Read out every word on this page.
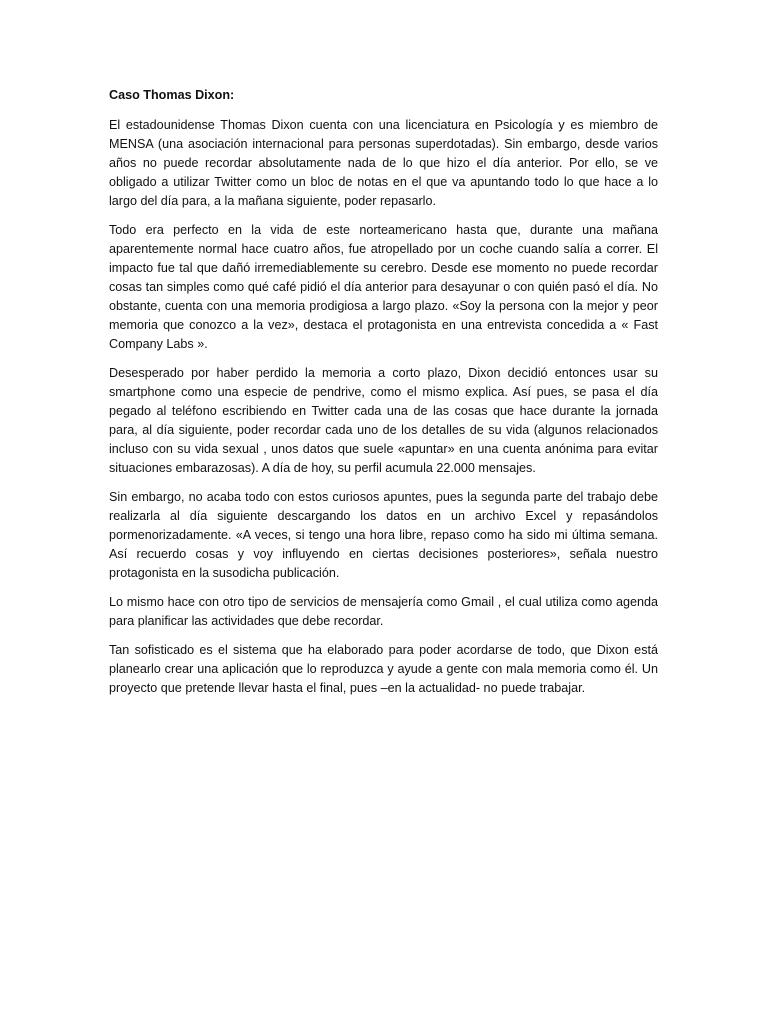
Caso Thomas Dixon:

El estadounidense Thomas Dixon cuenta con una licenciatura en Psicología y es miembro de MENSA (una asociación internacional para personas superdotadas). Sin embargo, desde varios años no puede recordar absolutamente nada de lo que hizo el día anterior. Por ello, se ve obligado a utilizar Twitter como un bloc de notas en el que va apuntando todo lo que hace a lo largo del día para, a la mañana siguiente, poder repasarlo.

Todo era perfecto en la vida de este norteamericano hasta que, durante una mañana aparentemente normal hace cuatro años, fue atropellado por un coche cuando salía a correr. El impacto fue tal que dañó irremediablemente su cerebro. Desde ese momento no puede recordar cosas tan simples como qué café pidió el día anterior para desayunar o con quién pasó el día. No obstante, cuenta con una memoria prodigiosa a largo plazo. «Soy la persona con la mejor y peor memoria que conozco a la vez», destaca el protagonista en una entrevista concedida a « Fast Company Labs ».

Desesperado por haber perdido la memoria a corto plazo, Dixon decidió entonces usar su smartphone como una especie de pendrive, como el mismo explica. Así pues, se pasa el día pegado al teléfono escribiendo en Twitter cada una de las cosas que hace durante la jornada para, al día siguiente, poder recordar cada uno de los detalles de su vida (algunos relacionados incluso con su vida sexual , unos datos que suele «apuntar» en una cuenta anónima para evitar situaciones embarazosas). A día de hoy, su perfil acumula 22.000 mensajes.

Sin embargo, no acaba todo con estos curiosos apuntes, pues la segunda parte del trabajo debe realizarla al día siguiente descargando los datos en un archivo Excel y repasándolos pormenorizadamente. «A veces, si tengo una hora libre, repaso como ha sido mi última semana. Así recuerdo cosas y voy influyendo en ciertas decisiones posteriores», señala nuestro protagonista en la susodicha publicación.

Lo mismo hace con otro tipo de servicios de mensajería como Gmail , el cual utiliza como agenda para planificar las actividades que debe recordar.

Tan sofisticado es el sistema que ha elaborado para poder acordarse de todo, que Dixon está planearlo crear una aplicación que lo reproduzca y ayude a gente con mala memoria como él. Un proyecto que pretende llevar hasta el final, pues –en la actualidad- no puede trabajar.
